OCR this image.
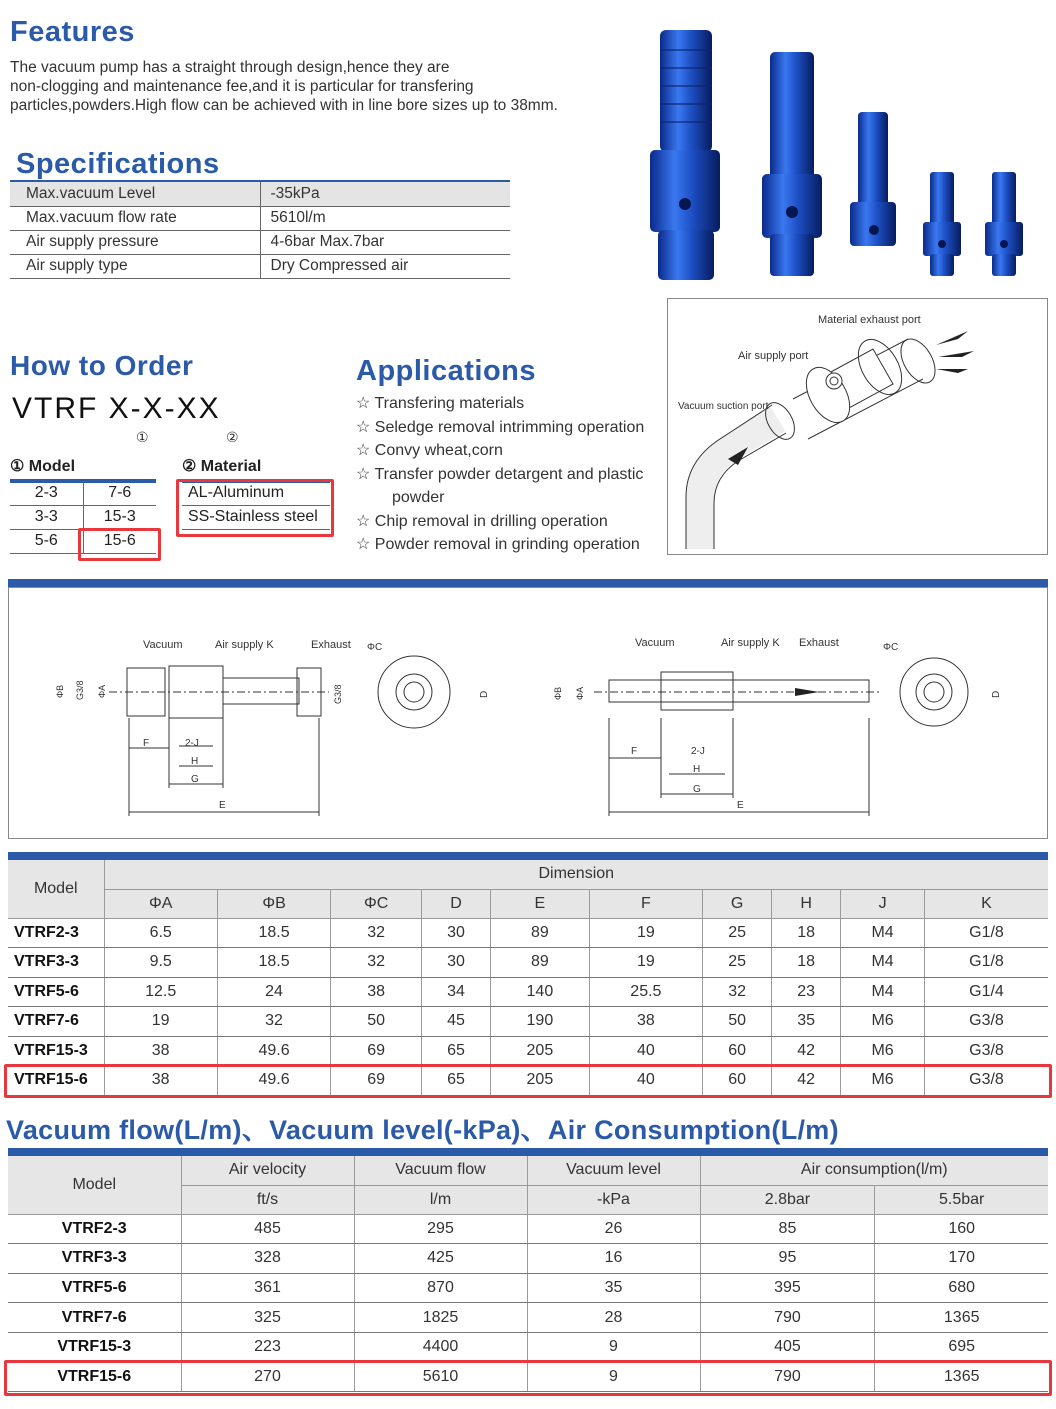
Features
The vacuum pump has a straight through design,hence they are
non-clogging and maintenance fee,and it is particular for transfering particles,powders.High flow can be achieved with in line bore sizes up to 38mm.
Specifications
Max.vacuum Level	-35kPa
Max.vacuum flow rate	5610l/m
Air supply pressure	4-6bar Max.7bar
Air supply type	Dry Compressed air
How to Order
VTRF X-X-XX
①	②
① Model	② Material
2-3	7-6
3-3	15-3
5-6	15-6
AL-Aluminum
SS-Stainless steel
Applications
☆ Transfering materials
☆ Seledge removal intrimming operation
☆ Convy wheat,corn
☆ Transfer powder detargent and plastic
powder
☆ Chip removal in drilling operation
☆ Powder removal in grinding operation
Material exhaust port
Air supply port
Vacuum suction port
Vacuum	Air supply K	Exhaust ΦC
ΦB G3/8 ΦA	G3/8	D
F	2-J
H
G
E
Vacuum	Air supply K Exhaust	ΦC
ΦB ΦA	D
F	2-J
H
G
E
Model	Dimension									
	ΦA	ΦB	ΦC	D	E	F	G	H	J	K
VTRF2-3	6.5	18.5	32	30	89	19	25	18	M4	G1/8
VTRF3-3	9.5	18.5	32	30	89	19	25	18	M4	G1/8
VTRF5-6	12.5	24	38	34	140	25.5	32	23	M4	G1/4
VTRF7-6	19	32	50	45	190	38	50	35	M6	G3/8
VTRF15-3	38	49.6	69	65	205	40	60	42	M6	G3/8
VTRF15-6	38	49.6	69	65	205	40	60	42	M6	G3/8
Vacuum flow(L/m)、Vacuum level(-kPa)、Air Consumption(L/m)
Model	Air velocity	Vacuum flow	Vacuum level	Air consumption(l/m)	
	ft/s	l/m	-kPa	2.8bar	5.5bar
VTRF2-3	485	295	26	85	160
VTRF3-3	328	425	16	95	170
VTRF5-6	361	870	35	395	680
VTRF7-6	325	1825	28	790	1365
VTRF15-3	223	4400	9	405	695
VTRF15-6	270	5610	9	790	1365
